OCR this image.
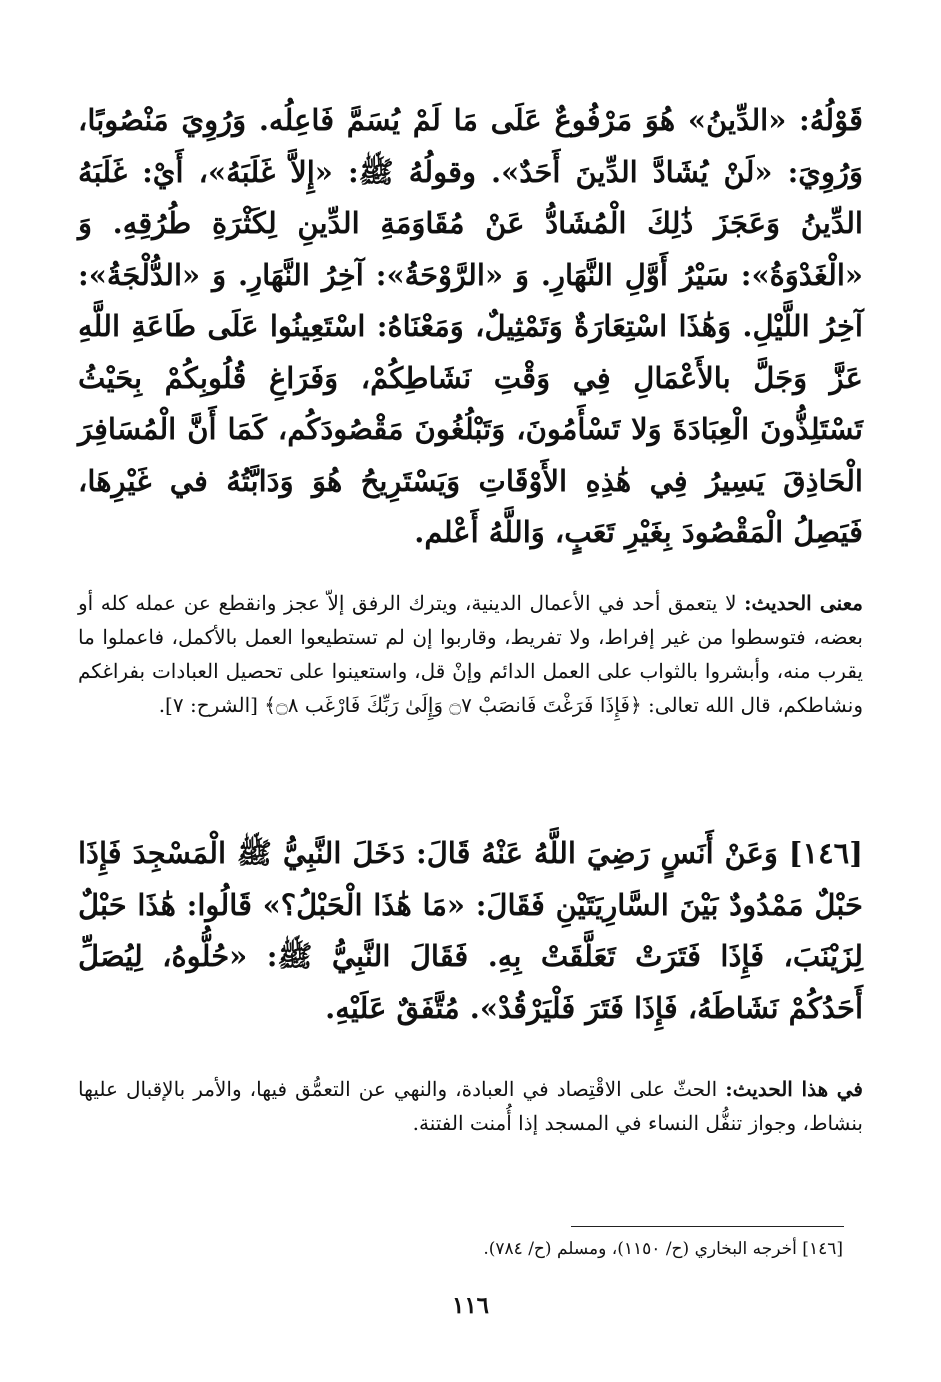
قَوْلُهُ: «الدِّينُ» هُوَ مَرْفُوعٌ عَلَى مَا لَمْ يُسَمَّ فَاعِلُه. وَرُوِيَ مَنْصُوبًا، وَرُوِيَ: «لَنْ يُشَادَّ الدِّينَ أَحَدٌ». وقولُهُ ﷺ: «إِلاَّ غَلَبَهُ»، أَيْ: غَلَبَهُ الدِّينُ وَعَجَزَ ذَٰلِكَ الْمُشَادُّ عَنْ مُقَاوَمَةِ الدِّينِ لِكَثْرَةِ طُرُقِهِ. وَ «الْغَدْوَةُ»: سَيْرُ أَوَّلِ النَّهَارِ. وَ «الرَّوْحَةُ»: آخِرُ النَّهَارِ. وَ «الدُّلْجَةُ»: آخِرُ اللَّيْلِ. وَهَٰذَا اسْتِعَارَةٌ وَتَمْثِيلٌ، وَمَعْنَاهُ: اسْتَعِينُوا عَلَى طَاعَةِ اللَّهِ عَزَّ وَجَلَّ بالأَعْمَالِ فِي وَقْتِ نَشَاطِكُمْ، وَفَرَاغِ قُلُوبِكُمْ بِحَيْثُ تَسْتَلِذُّونَ الْعِبَادَةَ وَلا تَسْأَمُونَ، وَتَبْلُغُونَ مَقْصُودَكُم، كَمَا أَنَّ الْمُسَافِرَ الْحَاذِقَ يَسِيرُ فِي هَٰذِهِ الأَوْقَاتِ وَيَسْتَرِيحُ هُوَ وَدَابَّتُهُ في غَيْرِهَا، فَيَصِلُ الْمَقْصُودَ بِغَيْرِ تَعَبٍ، وَاللَّهُ أَعْلم.
معنى الحديث: لا يتعمق أحد في الأعمال الدينية، ويترك الرفق إلاّ عجز وانقطع عن عمله كله أو بعضه، فتوسطوا من غير إفراط، ولا تفريط، وقاربوا إن لم تستطيعوا العمل بالأكمل، فاعملوا ما يقرب منه، وأبشروا بالثواب على العمل الدائم وإنْ قل، واستعينوا على تحصيل العبادات بفراغكم ونشاطكم، قال الله تعالى: ﴿فَإِذَا فَرَغْتَ فَانصَبْ ۝٧ وَإِلَىٰ رَبِّكَ فَارْغَب ۝٨﴾ [الشرح: ٧].
[١٤٦] وَعَنْ أَنَسٍ رَضِيَ اللَّهُ عَنْهُ قَالَ: دَخَلَ النَّبِيُّ ﷺ الْمَسْجِدَ فَإِذَا حَبْلٌ مَمْدُودٌ بَيْنَ السَّارِيَتَيْنِ فَقَالَ: «مَا هَٰذَا الْحَبْلُ؟» قَالُوا: هَٰذَا حَبْلٌ لِزَيْنَبَ، فَإِذَا فَتَرَتْ تَعَلَّقَتْ بِهِ. فَقَالَ النَّبِيُّ ﷺ: «حُلُّوهُ، لِيُصَلِّ أَحَدُكُمْ نَشَاطَهُ، فَإِذَا فَتَرَ فَلْيَرْقُدْ». مُتَّفَقٌ عَلَيْهِ.
في هذا الحديث: الحثّ على الاقْتِصاد في العبادة، والنهي عن التعمُّق فيها، والأمر بالإقبال عليها بنشاط، وجواز تنفُّل النساء في المسجد إذا أُمنت الفتنة.
[١٤٦] أخرجه البخاري (ح/ ١١٥٠)، ومسلم (ح/ ٧٨٤).
١١٦
